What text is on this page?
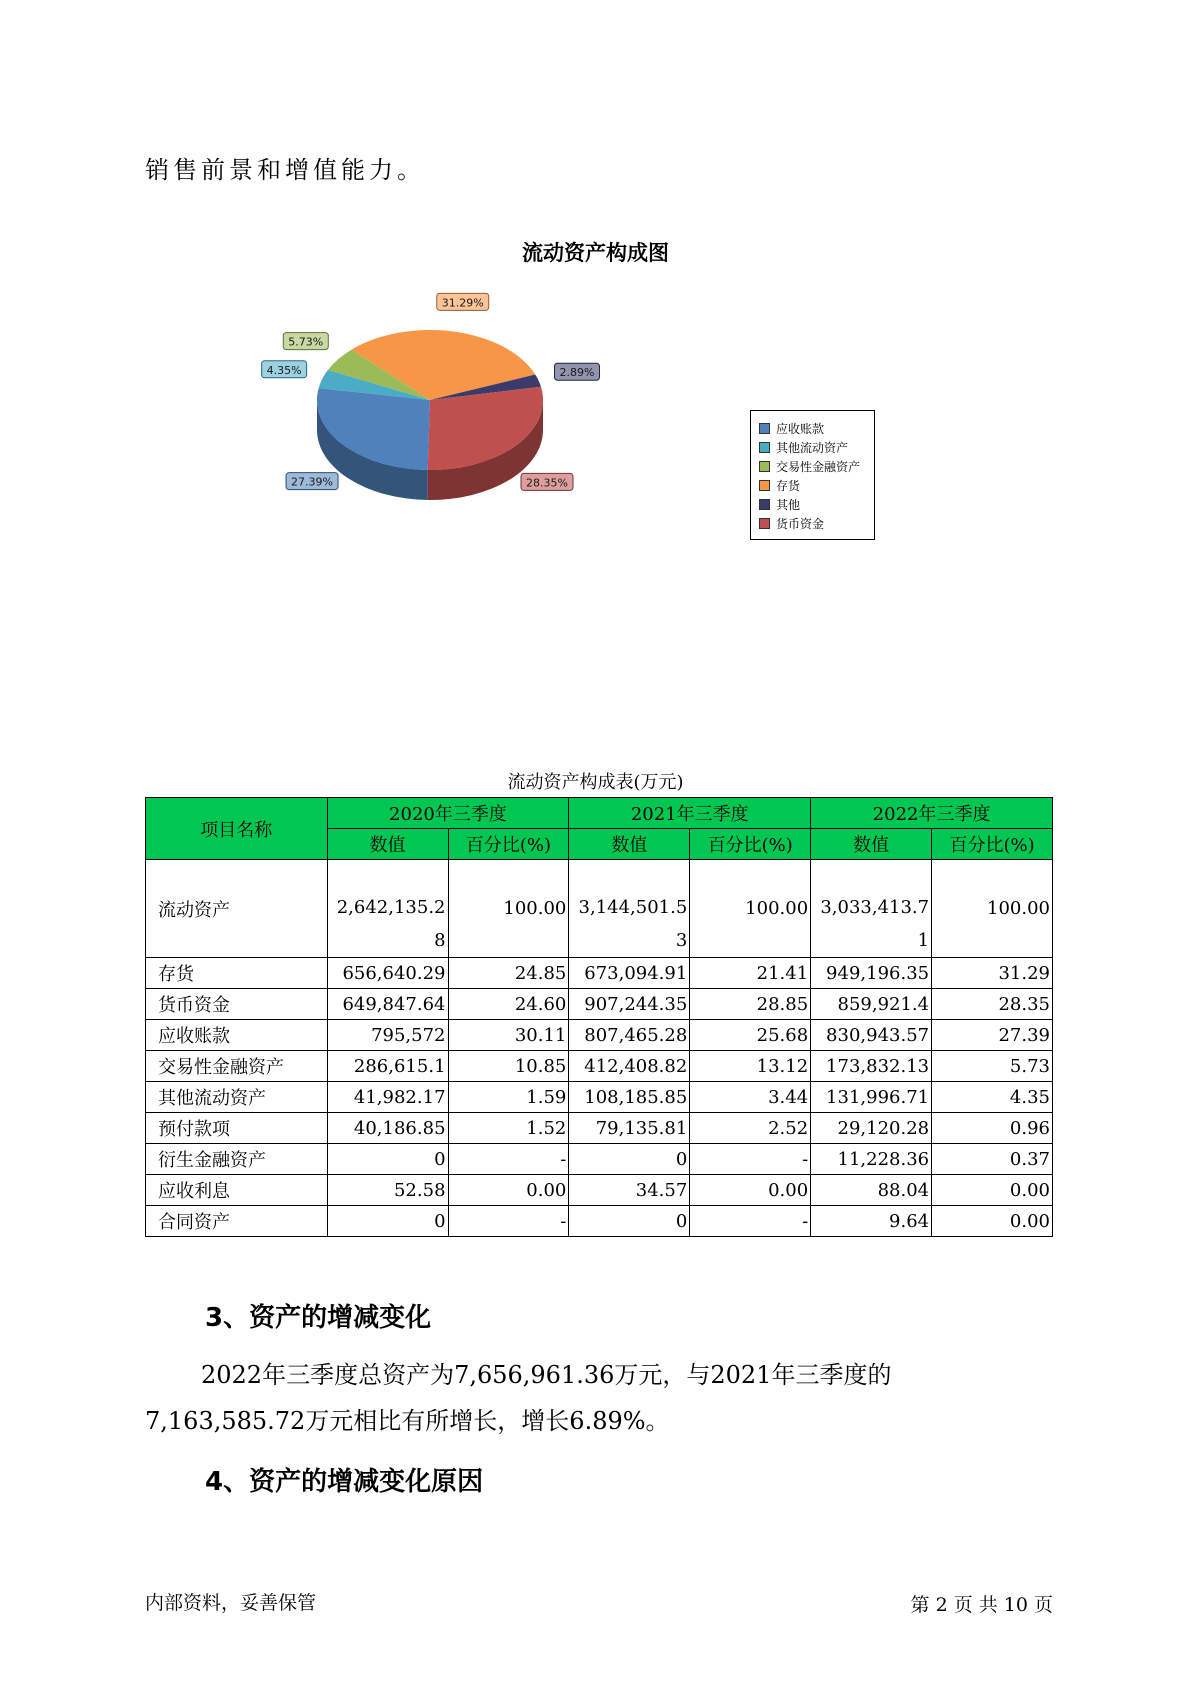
销售前景和增值能力。
流动资产构成图
27.39%
4.35%
5.73%
31.29%
2.89%
28.35%
应收账款
其他流动资产
交易性金融资产
存货
其他
货币资金
流动资产构成表(万元)
项目名称	2020年三季度		2021年三季度		2022年三季度	
	数值	百分比(%)	数值	百分比(%)	数值	百分比(%)
流动资产	2,642,135.28	100.00	3,144,501.53	100.00	3,033,413.71	100.00
存货	656,640.29	24.85	673,094.91	21.41	949,196.35	31.29
货币资金	649,847.64	24.60	907,244.35	28.85	859,921.4	28.35
应收账款	795,572	30.11	807,465.28	25.68	830,943.57	27.39
交易性金融资产	286,615.1	10.85	412,408.82	13.12	173,832.13	5.73
其他流动资产	41,982.17	1.59	108,185.85	3.44	131,996.71	4.35
预付款项	40,186.85	1.52	79,135.81	2.52	29,120.28	0.96
衍生金融资产	0	-	0	-	11,228.36	0.37
应收利息	52.58	0.00	34.57	0.00	88.04	0.00
合同资产	0	-	0	-	9.64	0.00
3、资产的增减变化
2022年三季度总资产为7,656,961.36万元，与2021年三季度的
7,163,585.72万元相比有所增长，增长6.89%。
4、资产的增减变化原因
内部资料，妥善保管	第 2 页 共 10 页
